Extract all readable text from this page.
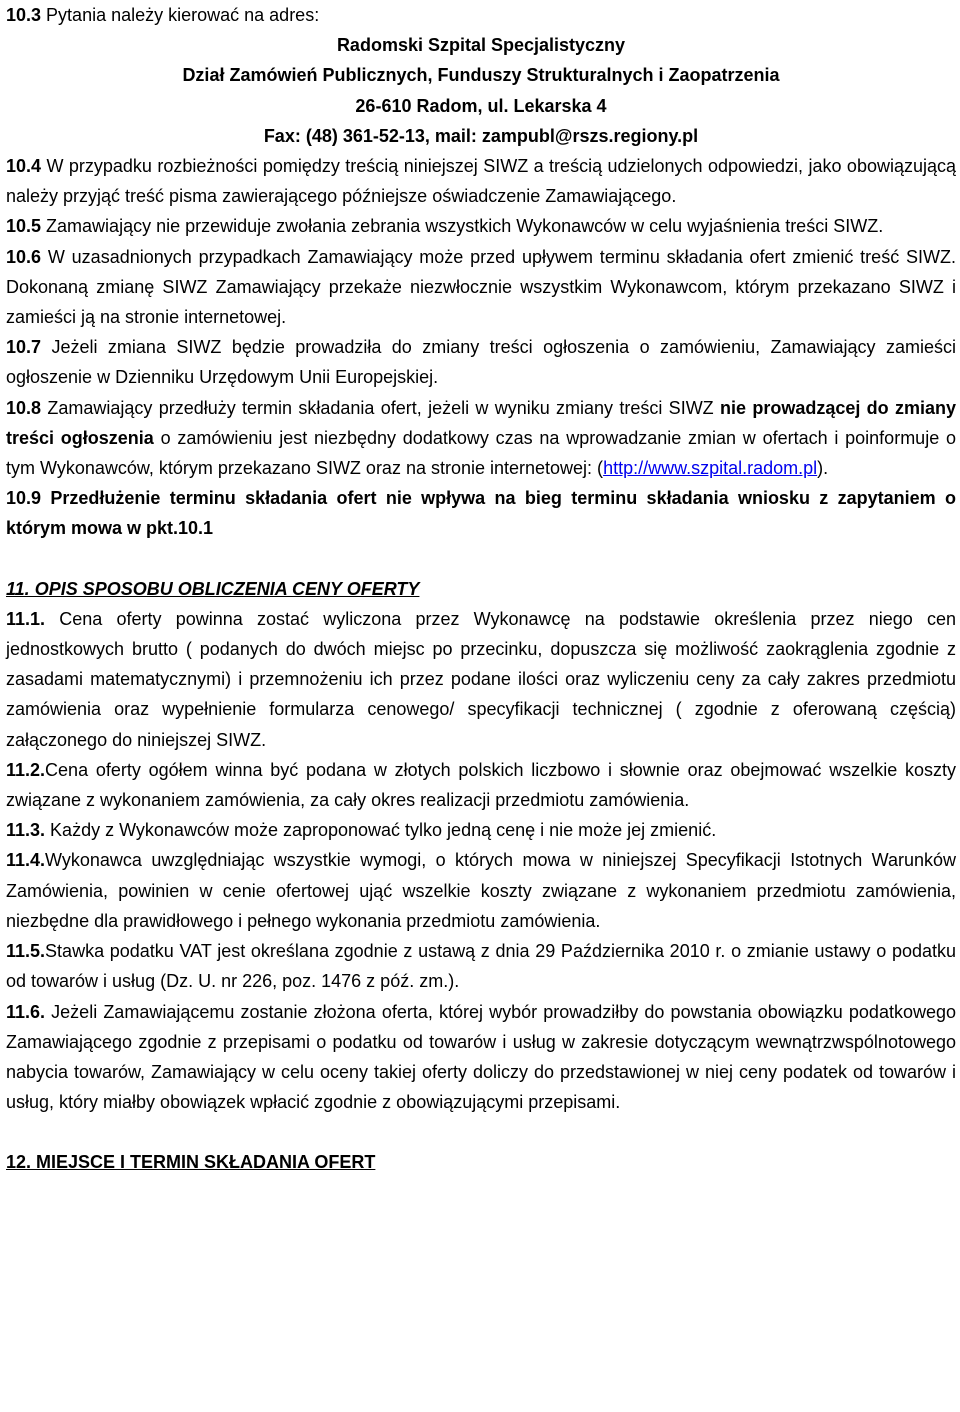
10.3 Pytania należy kierować na adres:

Radomski Szpital Specjalistyczny

Dział Zamówień Publicznych, Funduszy Strukturalnych i Zaopatrzenia

26-610 Radom, ul. Lekarska 4

Fax: (48) 361-52-13, mail: zampubl@rszs.regiony.pl

10.4 W przypadku rozbieżności pomiędzy treścią niniejszej SIWZ a treścią udzielonych odpowiedzi, jako obowiązującą należy przyjąć treść pisma zawierającego późniejsze oświadczenie Zamawiającego.

10.5 Zamawiający nie przewiduje zwołania zebrania wszystkich Wykonawców w celu wyjaśnienia treści SIWZ.

10.6 W uzasadnionych przypadkach Zamawiający może przed upływem terminu składania ofert zmienić treść SIWZ. Dokonaną zmianę SIWZ Zamawiający przekaże niezwłocznie wszystkim Wykonawcom, którym przekazano SIWZ i zamieści ją na stronie internetowej.

10.7 Jeżeli zmiana SIWZ będzie prowadziła do zmiany treści ogłoszenia o zamówieniu, Zamawiający zamieści ogłoszenie w Dzienniku Urzędowym Unii Europejskiej.

10.8 Zamawiający przedłuży termin składania ofert, jeżeli w wyniku zmiany treści SIWZ nie prowadzącej do zmiany treści ogłoszenia o zamówieniu jest niezbędny dodatkowy czas na wprowadzanie zmian w ofertach i poinformuje o tym Wykonawców, którym przekazano SIWZ oraz na stronie internetowej: (http://www.szpital.radom.pl).

10.9 Przedłużenie terminu składania ofert nie wpływa na bieg terminu składania wniosku z zapytaniem o którym mowa w pkt.10.1

11. OPIS SPOSOBU OBLICZENIA CENY OFERTY

11.1. Cena oferty powinna zostać wyliczona przez Wykonawcę na podstawie określenia przez niego cen jednostkowych brutto ( podanych do dwóch miejsc po przecinku, dopuszcza się możliwość zaokrąglenia zgodnie z zasadami matematycznymi) i przemnożeniu ich przez podane ilości oraz wyliczeniu ceny za cały zakres przedmiotu zamówienia oraz wypełnienie formularza cenowego/ specyfikacji technicznej ( zgodnie z oferowaną częścią) załączonego do niniejszej SIWZ.

11.2.Cena oferty ogółem winna być podana w złotych polskich liczbowo i słownie oraz obejmować wszelkie koszty związane z wykonaniem zamówienia, za cały okres realizacji przedmiotu zamówienia.

11.3. Każdy z Wykonawców może zaproponować tylko jedną cenę i nie może jej zmienić.

11.4.Wykonawca uwzględniając wszystkie wymogi, o których mowa w niniejszej Specyfikacji Istotnych Warunków Zamówienia, powinien w cenie ofertowej ująć wszelkie koszty związane z wykonaniem przedmiotu zamówienia, niezbędne dla prawidłowego i pełnego wykonania przedmiotu zamówienia.

11.5.Stawka podatku VAT jest określana zgodnie z ustawą z dnia 29 Października 2010 r. o zmianie ustawy o podatku od towarów i usług (Dz. U. nr 226, poz. 1476 z póź. zm.).

11.6. Jeżeli Zamawiającemu zostanie złożona oferta, której wybór prowadziłby do powstania obowiązku podatkowego Zamawiającego zgodnie z przepisami o podatku od towarów i usług w zakresie dotyczącym wewnątrzwspólnotowego nabycia towarów, Zamawiający w celu oceny takiej oferty doliczy do przedstawionej w niej ceny podatek od towarów i usług, który miałby obowiązek wpłacić zgodnie z obowiązującymi przepisami.

12. MIEJSCE I TERMIN SKŁADANIA OFERT
